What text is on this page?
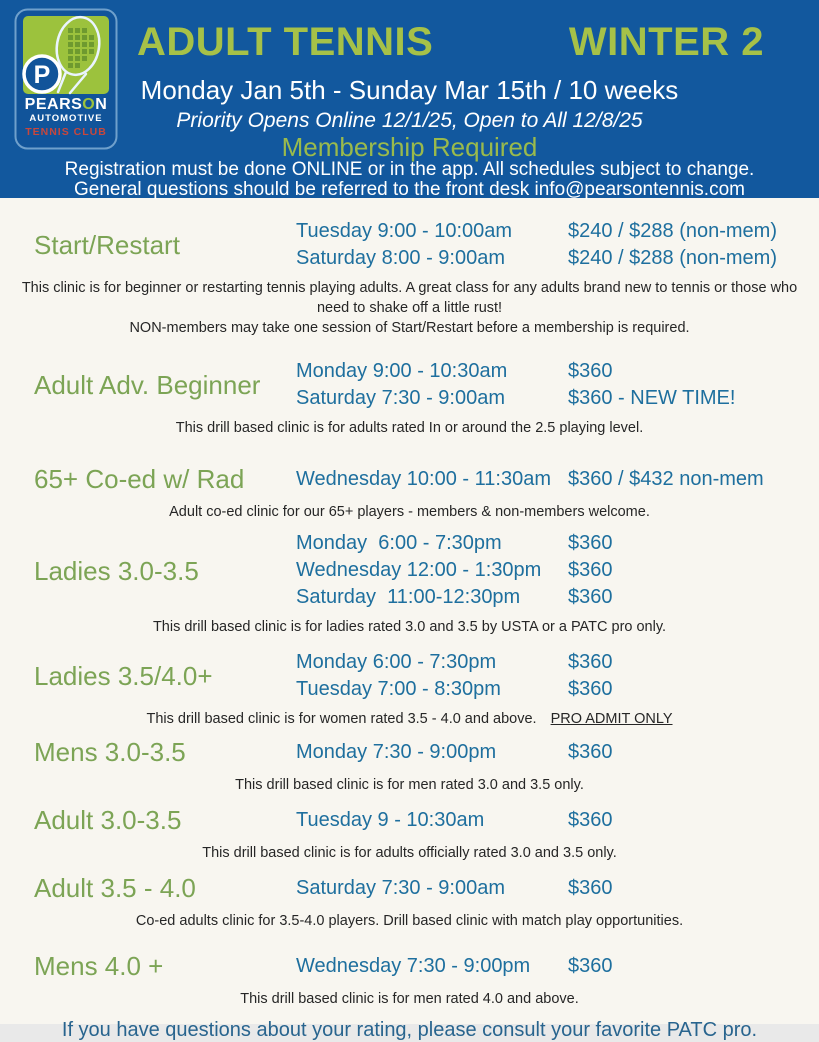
P
PEARSON
AUTOMOTIVE
TENNIS CLUB
ADULT TENNIS	WINTER 2
Monday Jan 5th - Sunday Mar 15th / 10 weeks
Priority Opens Online 12/1/25, Open to All 12/8/25
Membership Required
Registration must be done ONLINE or in the app. All schedules subject to change.
General questions should be referred to the front desk info@pearsontennis.com
Start/Restart	Tuesday 9:00 - 10:00am	$240 / $288 (non-mem)
Saturday 8:00 - 9:00am	$240 / $288 (non-mem)
This clinic is for beginner or restarting tennis playing adults. A great class for any adults brand new to tennis or those who need to shake off a little rust!
NON-members may take one session of Start/Restart before a membership is required.
Adult Adv. Beginner	Monday 9:00 - 10:30am	$360
Saturday 7:30 - 9:00am	$360 - NEW TIME!
This drill based clinic is for adults rated In or around the 2.5 playing level.
65+ Co-ed w/ Rad	Wednesday 10:00 - 11:30am $360 / $432 non-mem
Adult co-ed clinic for our 65+ players - members & non-members welcome.
Ladies 3.0-3.5
Monday  6:00 - 7:30pm	$360
Wednesday 12:00 - 1:30pm	$360
Saturday  11:00-12:30pm	$360
This drill based clinic is for ladies rated 3.0 and 3.5 by USTA or a PATC pro only.
Ladies 3.5/4.0+	Monday 6:00 - 7:30pm	$360
Tuesday 7:00 - 8:30pm	$360
This drill based clinic is for women rated 3.5 - 4.0 and above. PRO ADMIT ONLY
Mens 3.0-3.5	Monday 7:30 - 9:00pm	$360
This drill based clinic is for men rated 3.0 and 3.5 only.
Adult 3.0-3.5	Tuesday 9 - 10:30am	$360
This drill based clinic is for adults officially rated 3.0 and 3.5 only.
Adult 3.5 - 4.0	Saturday 7:30 - 9:00am	$360
Co-ed adults clinic for 3.5-4.0 players. Drill based clinic with match play opportunities.
Mens 4.0 +	Wednesday 7:30 - 9:00pm	$360
This drill based clinic is for men rated 4.0 and above.
If you have questions about your rating, please consult your favorite PATC pro.
